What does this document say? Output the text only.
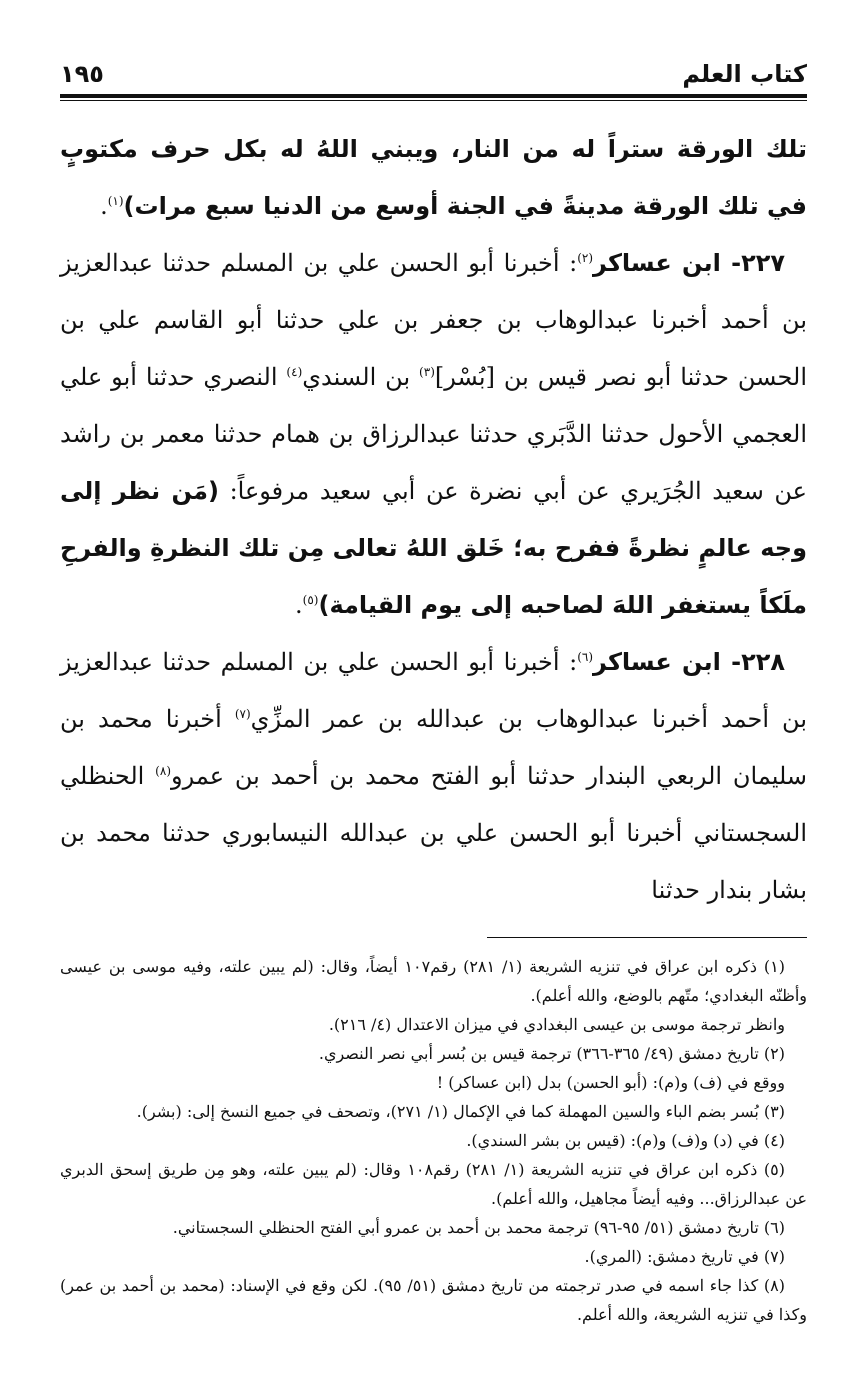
كتاب العلم
١٩٥

تلك الورقة ستراً له من النار، ويبني اللهُ له بكل حرف مكتوبٍ في تلك الورقة مدينةً في الجنة أوسع من الدنيا سبع مرات)$^{(١)}$.

٢٢٧- ابن عساكر$^{(٢)}$: أخبرنا أبو الحسن علي بن المسلم حدثنا عبدالعزيز بن أحمد أخبرنا عبدالوهاب بن جعفر بن علي حدثنا أبو القاسم علي بن الحسن حدثنا أبو نصر قيس بن [بُسْر]$^{(٣)}$ بن السندي$^{(٤)}$ النصري حدثنا أبو علي العجمي الأحول حدثنا الدَّبَري حدثنا عبدالرزاق بن همام حدثنا معمر بن راشد عن سعيد الجُرَيري عن أبي نضرة عن أبي سعيد مرفوعاً: (مَن نظر إلى وجه عالمٍ نظرةً ففرح به؛ خَلق اللهُ تعالى مِن تلك النظرةِ والفرحِ ملَكاً يستغفر اللهَ لصاحبه إلى يوم القيامة)$^{(٥)}$.

٢٢٨- ابن عساكر$^{(٦)}$: أخبرنا أبو الحسن علي بن المسلم حدثنا عبدالعزيز بن أحمد أخبرنا عبدالوهاب بن عبدالله بن عمر المزِّي$^{(٧)}$ أخبرنا محمد بن سليمان الربعي البندار حدثنا أبو الفتح محمد بن أحمد بن عمرو$^{(٨)}$ الحنظلي السجستاني أخبرنا أبو الحسن علي بن عبدالله النيسابوري حدثنا محمد بن بشار بندار حدثنا

(١) ذكره ابن عراق في تنزيه الشريعة (١/ ٢٨١) رقم١٠٧ أيضاً، وقال: (لم يبين علته، وفيه موسى بن عيسى وأظنّه البغدادي؛ متّهم بالوضع، والله أعلم).

وانظر ترجمة موسى بن عيسى البغدادي في ميزان الاعتدال (٤/ ٢١٦).

(٢) تاريخ دمشق (٤٩/ ٣٦٥-٣٦٦) ترجمة قيس بن بُسر أبي نصر النصري.

ووقع في (ف) و(م): (أبو الحسن) بدل (ابن عساكر) !

(٣) بُسر بضم الباء والسين المهملة كما في الإكمال (١/ ٢٧١)، وتصحف في جميع النسخ إلى: (بشر).

(٤) في (د) و(ف) و(م): (قيس بن بشر السندي).

(٥) ذكره ابن عراق في تنزيه الشريعة (١/ ٢٨١) رقم١٠٨ وقال: (لم يبين علته، وهو مِن طريق إسحق الدبري عن عبدالرزاق... وفيه أيضاً مجاهيل، والله أعلم).

(٦) تاريخ دمشق (٥١/ ٩٥-٩٦) ترجمة محمد بن أحمد بن عمرو أبي الفتح الحنظلي السجستاني.

(٧) في تاريخ دمشق: (المري).

(٨) كذا جاء اسمه في صدر ترجمته من تاريخ دمشق (٥١/ ٩٥). لكن وقع في الإسناد: (محمد بن أحمد بن عمر) وكذا في تنزيه الشريعة، والله أعلم.
